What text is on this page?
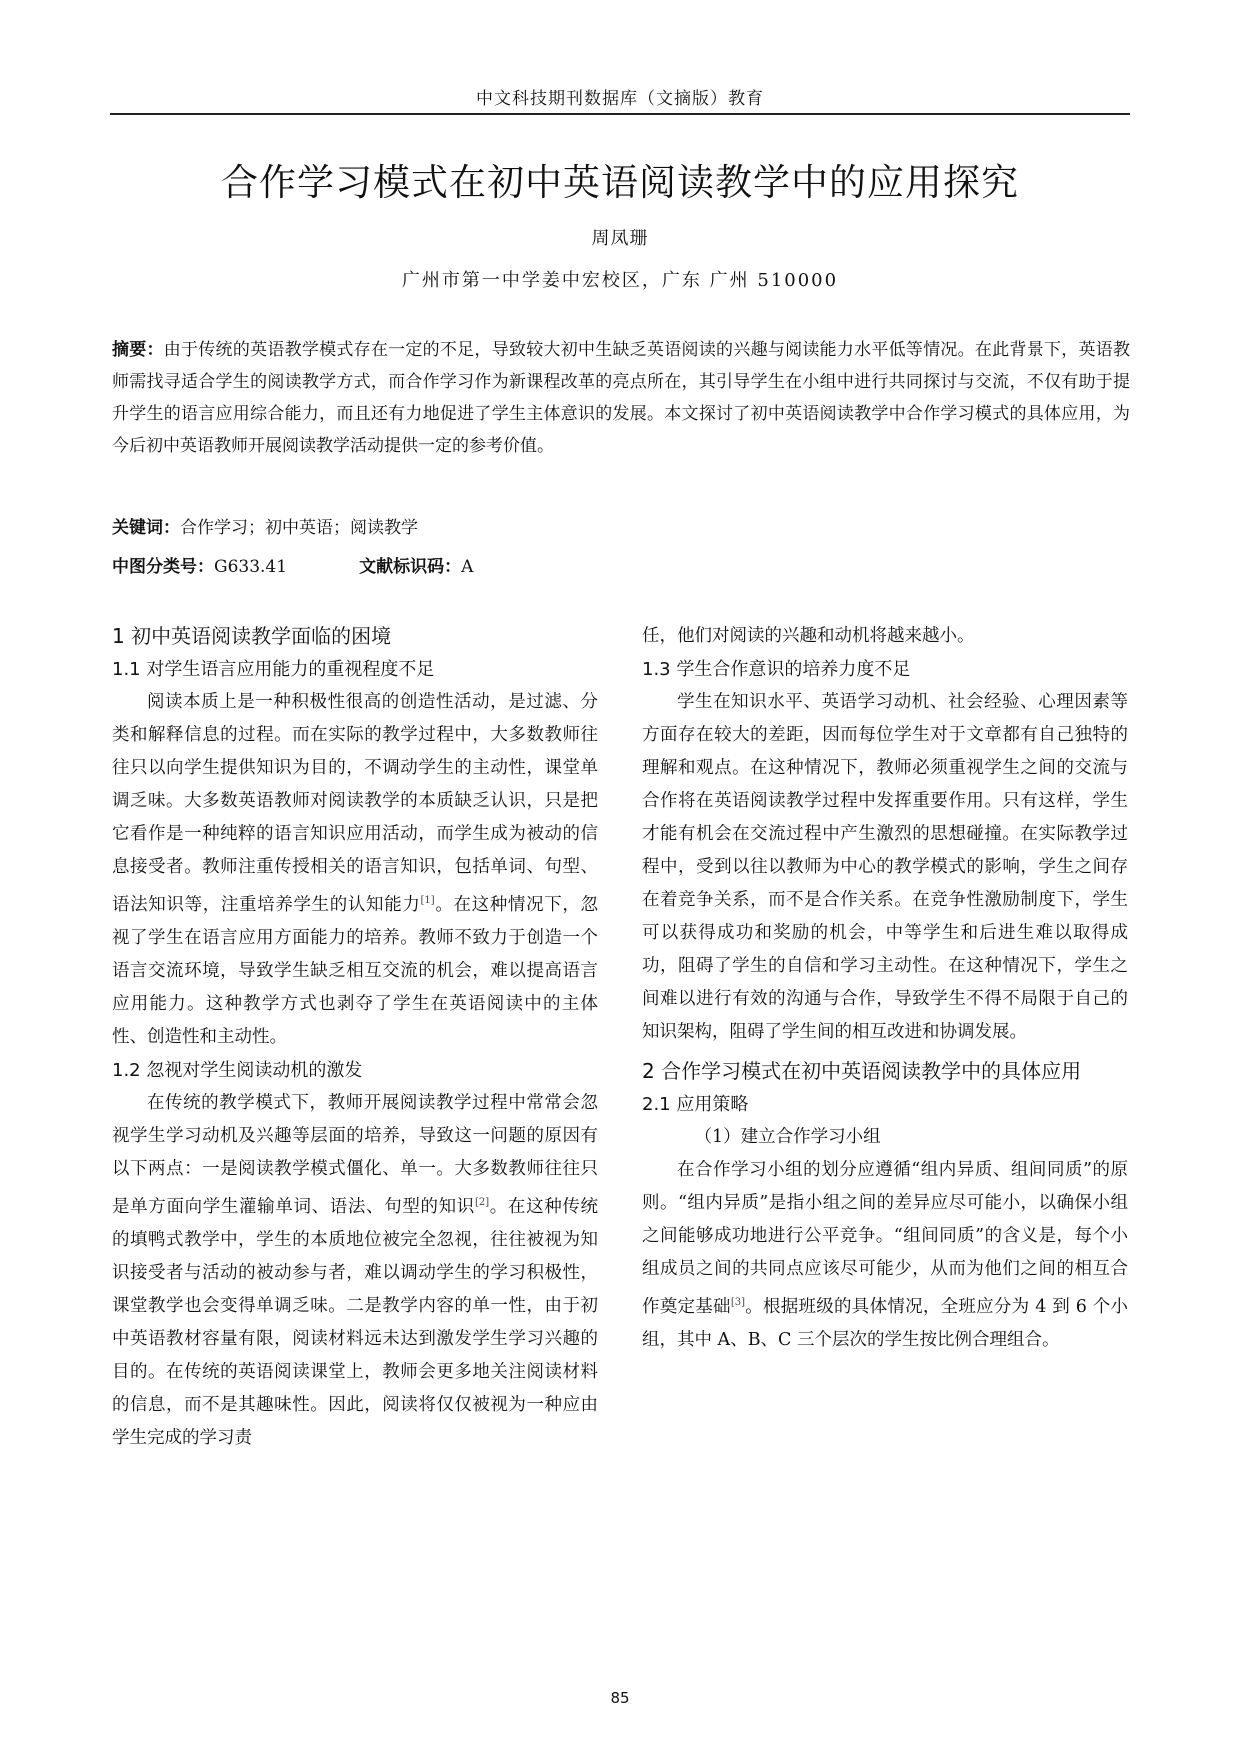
中文科技期刊数据库（文摘版）教育
合作学习模式在初中英语阅读教学中的应用探究
周凤珊
广州市第一中学姜中宏校区，广东 广州 510000
摘要：由于传统的英语教学模式存在一定的不足，导致较大初中生缺乏英语阅读的兴趣与阅读能力水平低等情况。在此背景下，英语教师需找寻适合学生的阅读教学方式，而合作学习作为新课程改革的亮点所在，其引导学生在小组中进行共同探讨与交流，不仅有助于提升学生的语言应用综合能力，而且还有力地促进了学生主体意识的发展。本文探讨了初中英语阅读教学中合作学习模式的具体应用，为今后初中英语教师开展阅读教学活动提供一定的参考价值。
关键词：合作学习；初中英语；阅读教学
中图分类号：G633.41	文献标识码：A

1 初中英语阅读教学面临的困境

1.1 对学生语言应用能力的重视程度不足

阅读本质上是一种积极性很高的创造性活动，是过滤、分类和解释信息的过程。而在实际的教学过程中，大多数教师往往只以向学生提供知识为目的，不调动学生的主动性，课堂单调乏味。大多数英语教师对阅读教学的本质缺乏认识，只是把它看作是一种纯粹的语言知识应用活动，而学生成为被动的信息接受者。教师注重传授相关的语言知识，包括单词、句型、语法知识等，注重培养学生的认知能力[1]。在这种情况下，忽视了学生在语言应用方面能力的培养。教师不致力于创造一个语言交流环境，导致学生缺乏相互交流的机会，难以提高语言应用能力。这种教学方式也剥夺了学生在英语阅读中的主体性、创造性和主动性。

1.2 忽视对学生阅读动机的激发

在传统的教学模式下，教师开展阅读教学过程中常常会忽视学生学习动机及兴趣等层面的培养，导致这一问题的原因有以下两点：一是阅读教学模式僵化、单一。大多数教师往往只是单方面向学生灌输单词、语法、句型的知识[2]。在这种传统的填鸭式教学中，学生的本质地位被完全忽视，往往被视为知识接受者与活动的被动参与者，难以调动学生的学习积极性，课堂教学也会变得单调乏味。二是教学内容的单一性，由于初中英语教材容量有限，阅读材料远未达到激发学生学习兴趣的目的。在传统的英语阅读课堂上，教师会更多地关注阅读材料的信息，而不是其趣味性。因此，阅读将仅仅被视为一种应由学生完成的学习责

任，他们对阅读的兴趣和动机将越来越小。

1.3 学生合作意识的培养力度不足

学生在知识水平、英语学习动机、社会经验、心理因素等方面存在较大的差距，因而每位学生对于文章都有自己独特的理解和观点。在这种情况下，教师必须重视学生之间的交流与合作将在英语阅读教学过程中发挥重要作用。只有这样，学生才能有机会在交流过程中产生激烈的思想碰撞。在实际教学过程中，受到以往以教师为中心的教学模式的影响，学生之间存在着竞争关系，而不是合作关系。在竞争性激励制度下，学生可以获得成功和奖励的机会，中等学生和后进生难以取得成功，阻碍了学生的自信和学习主动性。在这种情况下，学生之间难以进行有效的沟通与合作，导致学生不得不局限于自己的知识架构，阻碍了学生间的相互改进和协调发展。

2 合作学习模式在初中英语阅读教学中的具体应用

2.1 应用策略

（1）建立合作学习小组

在合作学习小组的划分应遵循“组内异质、组间同质”的原则。“组内异质”是指小组之间的差异应尽可能小，以确保小组之间能够成功地进行公平竞争。“组间同质”的含义是，每个小组成员之间的共同点应该尽可能少，从而为他们之间的相互合作奠定基础[3]。根据班级的具体情况，全班应分为 4 到 6 个小组，其中 A、B、C 三个层次的学生按比例合理组合。

85
